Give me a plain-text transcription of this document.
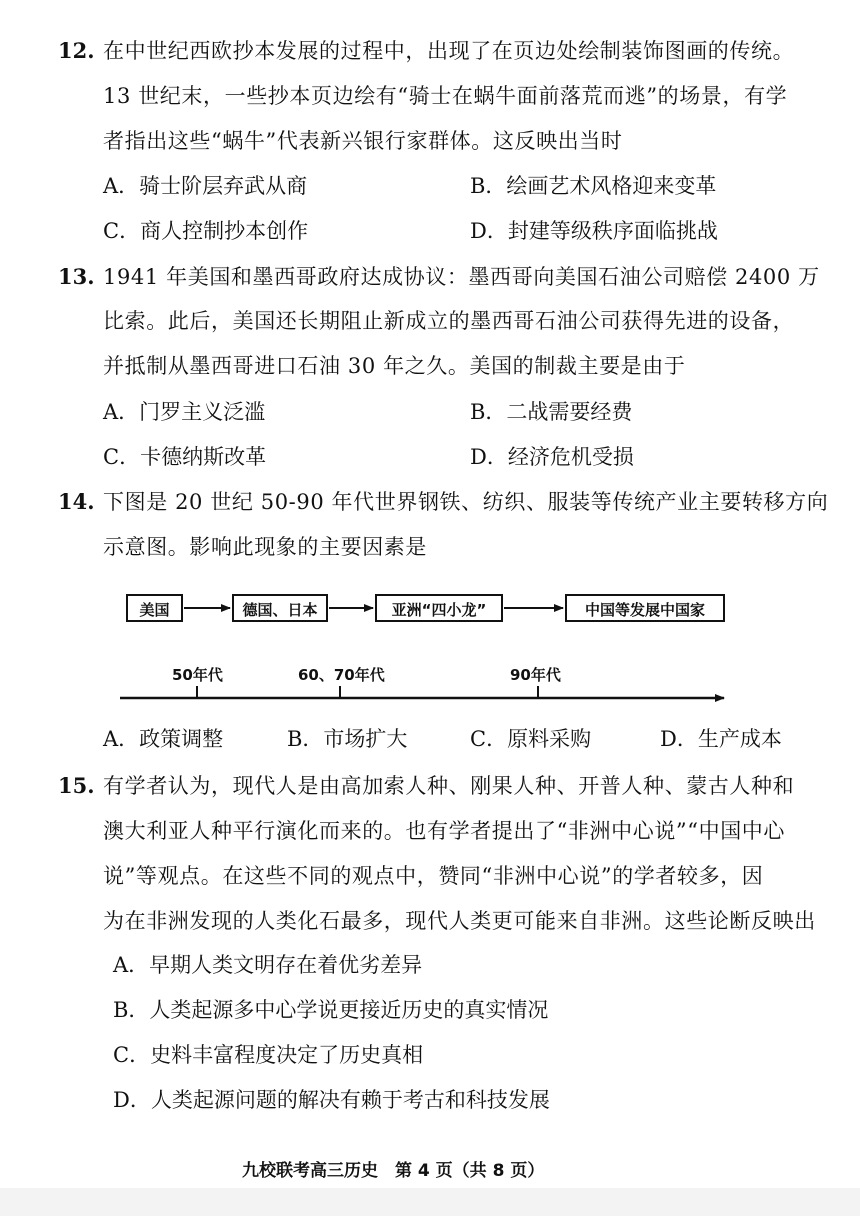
12. 在中世纪西欧抄本发展的过程中，出现了在页边处绘制装饰图画的传统。
13 世纪末，一些抄本页边绘有“骑士在蜗牛面前落荒而逃”的场景，有学
者指出这些“蜗牛”代表新兴银行家群体。这反映出当时
A．骑士阶层弃武从商	B．绘画艺术风格迎来变革
C．商人控制抄本创作	D．封建等级秩序面临挑战
13. 1941 年美国和墨西哥政府达成协议：墨西哥向美国石油公司赔偿 2400 万
比索。此后，美国还长期阻止新成立的墨西哥石油公司获得先进的设备，
并抵制从墨西哥进口石油 30 年之久。美国的制裁主要是由于
A．门罗主义泛滥	B．二战需要经费
C．卡德纳斯改革	D．经济危机受损
14. 下图是 20 世纪 50-90 年代世界钢铁、纺织、服装等传统产业主要转移方向
示意图。影响此现象的主要因素是
美国	德国、日本	亚洲“四小龙”	中国等发展中国家
50年代	60、70年代	90年代
A．政策调整	B．市场扩大	C．原料采购	D．生产成本
15. 有学者认为，现代人是由高加索人种、刚果人种、开普人种、蒙古人种和
澳大利亚人种平行演化而来的。也有学者提出了“非洲中心说”“中国中心
说”等观点。在这些不同的观点中，赞同“非洲中心说”的学者较多，因
为在非洲发现的人类化石最多，现代人类更可能来自非洲。这些论断反映出
A．早期人类文明存在着优劣差异
B．人类起源多中心学说更接近历史的真实情况
C．史料丰富程度决定了历史真相
D．人类起源问题的解决有赖于考古和科技发展
九校联考高三历史　第 4 页（共 8 页）
